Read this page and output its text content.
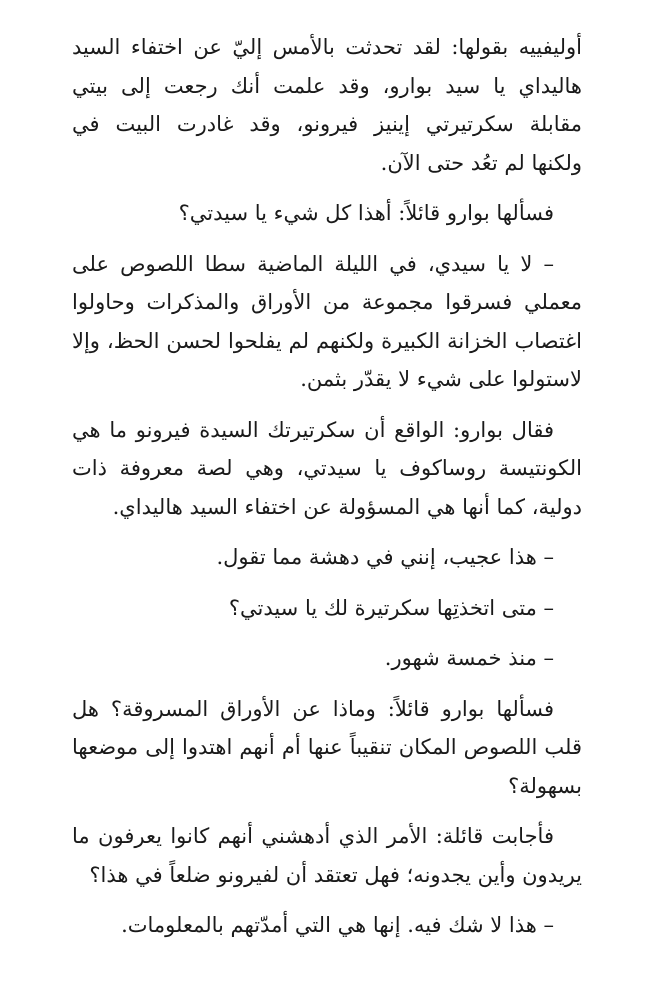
أوليفييه بقولها: لقد تحدثت بالأمس إليّ عن اختفاء السيد
هاليداي يا سيد بوارو، وقد علمت أنك رجعت إلى بيتي
مقابلة سكرتيرتي إينيز فيرونو، وقد غادرت البيت في
ولكنها لم تعُد حتى الآن.
فسألها بوارو قائلاً: أهذا كل شيء يا سيدتي؟
– لا يا سيدي، في الليلة الماضية سطا اللصوص على
معملي فسرقوا مجموعة من الأوراق والمذكرات وحاولوا
اغتصاب الخزانة الكبيرة ولكنهم لم يفلحوا لحسن الحظ، وإلا
لاستولوا على شيء لا يقدّر بثمن.
فقال بوارو: الواقع أن سكرتيرتك السيدة فيرونو ما هي
الكونتيسة روساكوف يا سيدتي، وهي لصة معروفة ذات
دولية، كما أنها هي المسؤولة عن اختفاء السيد هاليداي.
– هذا عجيب، إنني في دهشة مما تقول.
– متى اتخذتِها سكرتيرة لك يا سيدتي؟
– منذ خمسة شهور.
فسألها بوارو قائلاً: وماذا عن الأوراق المسروقة؟ هل
قلب اللصوص المكان تنقيباً عنها أم أنهم اهتدوا إلى موضعها
بسهولة؟
فأجابت قائلة: الأمر الذي أدهشني أنهم كانوا يعرفون ما
يريدون وأين يجدونه؛ فهل تعتقد أن لفيرونو ضلعاً في هذا؟
– هذا لا شك فيه. إنها هي التي أمدّتهم بالمعلومات.
